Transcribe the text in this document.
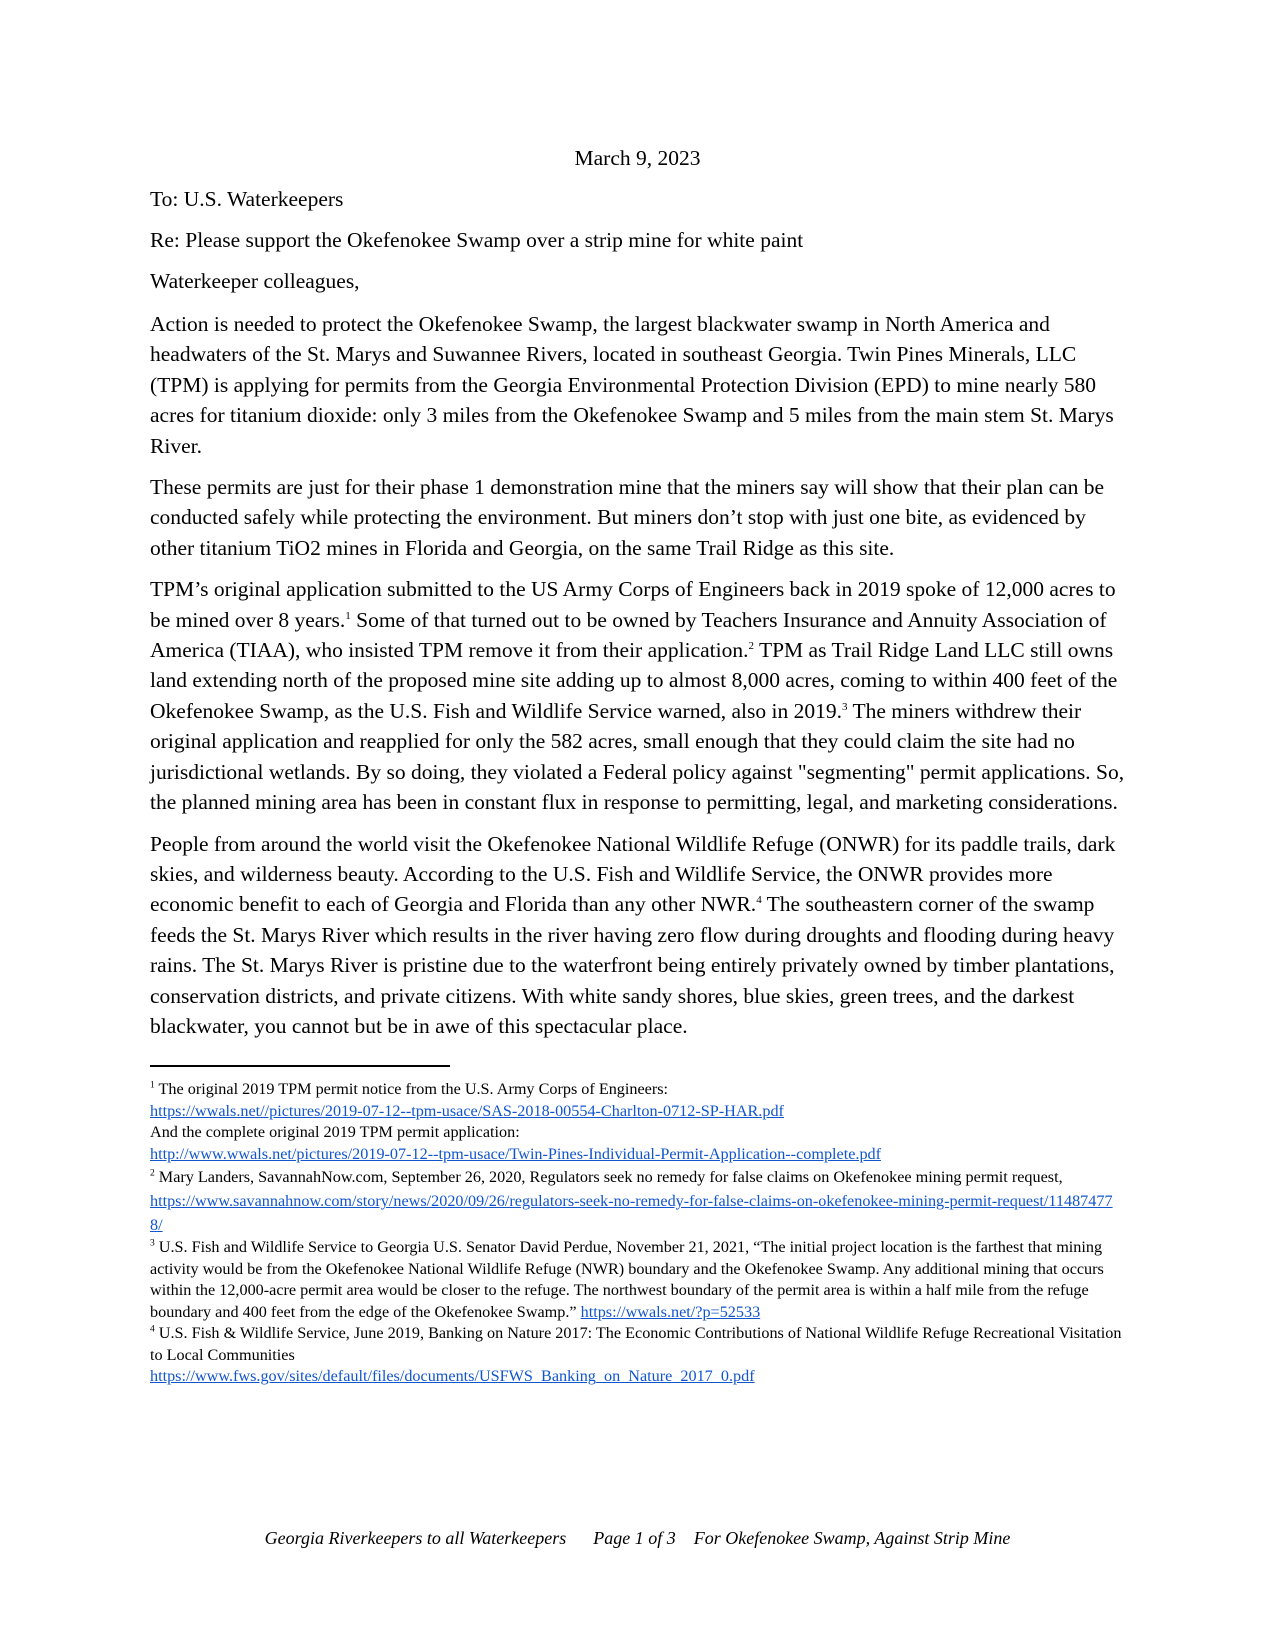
March 9, 2023

To: U.S. Waterkeepers

Re: Please support the Okefenokee Swamp over a strip mine for white paint

Waterkeeper colleagues,

Action is needed to protect the Okefenokee Swamp, the largest blackwater swamp in North America and headwaters of the St. Marys and Suwannee Rivers, located in southeast Georgia. Twin Pines Minerals, LLC (TPM) is applying for permits from the Georgia Environmental Protection Division (EPD) to mine nearly 580 acres for titanium dioxide: only 3 miles from the Okefenokee Swamp and 5 miles from the main stem St. Marys River.

These permits are just for their phase 1 demonstration mine that the miners say will show that their plan can be conducted safely while protecting the environment. But miners don’t stop with just one bite, as evidenced by other titanium TiO2 mines in Florida and Georgia, on the same Trail Ridge as this site.

TPM’s original application submitted to the US Army Corps of Engineers back in 2019 spoke of 12,000 acres to be mined over 8 years.$^1$ Some of that turned out to be owned by Teachers Insurance and Annuity Association of America (TIAA), who insisted TPM remove it from their application.$^2$ TPM as Trail Ridge Land LLC still owns land extending north of the proposed mine site adding up to almost 8,000 acres, coming to within 400 feet of the Okefenokee Swamp, as the U.S. Fish and Wildlife Service warned, also in 2019.$^3$ The miners withdrew their original application and reapplied for only the 582 acres, small enough that they could claim the site had no jurisdictional wetlands. By so doing, they violated a Federal policy against "segmenting" permit applications. So, the planned mining area has been in constant flux in response to permitting, legal, and marketing considerations.

People from around the world visit the Okefenokee National Wildlife Refuge (ONWR) for its paddle trails, dark skies, and wilderness beauty. According to the U.S. Fish and Wildlife Service, the ONWR provides more economic benefit to each of Georgia and Florida than any other NWR.$^4$ The southeastern corner of the swamp feeds the St. Marys River which results in the river having zero flow during droughts and flooding during heavy rains. The St. Marys River is pristine due to the waterfront being entirely privately owned by timber plantations, conservation districts, and private citizens. With white sandy shores, blue skies, green trees, and the darkest blackwater, you cannot but be in awe of this spectacular place.

$^1$ The original 2019 TPM permit notice from the U.S. Army Corps of Engineers:
https://wwals.net//pictures/2019-07-12--tpm-usace/SAS-2018-00554-Charlton-0712-SP-HAR.pdf
And the complete original 2019 TPM permit application:
http://www.wwals.net/pictures/2019-07-12--tpm-usace/Twin-Pines-Individual-Permit-Application--complete.pdf

$^2$ Mary Landers, SavannahNow.com, September 26, 2020, Regulators seek no remedy for false claims on Okefenokee mining permit request,
https://www.savannahnow.com/story/news/2020/09/26/regulators-seek-no-remedy-for-false-claims-on-okefenokee-mining-permit-request/114874778/

$^3$ U.S. Fish and Wildlife Service to Georgia U.S. Senator David Perdue, November 21, 2021, “The initial project location is the farthest that mining activity would be from the Okefenokee National Wildlife Refuge (NWR) boundary and the Okefenokee Swamp. Any additional mining that occurs within the 12,000-acre permit area would be closer to the refuge. The northwest boundary of the permit area is within a half mile from the refuge boundary and 400 feet from the edge of the Okefenokee Swamp.” https://wwals.net/?p=52533

$^4$ U.S. Fish & Wildlife Service, June 2019, Banking on Nature 2017: The Economic Contributions of National Wildlife Refuge Recreational Visitation to Local Communities
https://www.fws.gov/sites/default/files/documents/USFWS_Banking_on_Nature_2017_0.pdf

Georgia Riverkeepers to all Waterkeepers      Page 1 of 3    For Okefenokee Swamp, Against Strip Mine
